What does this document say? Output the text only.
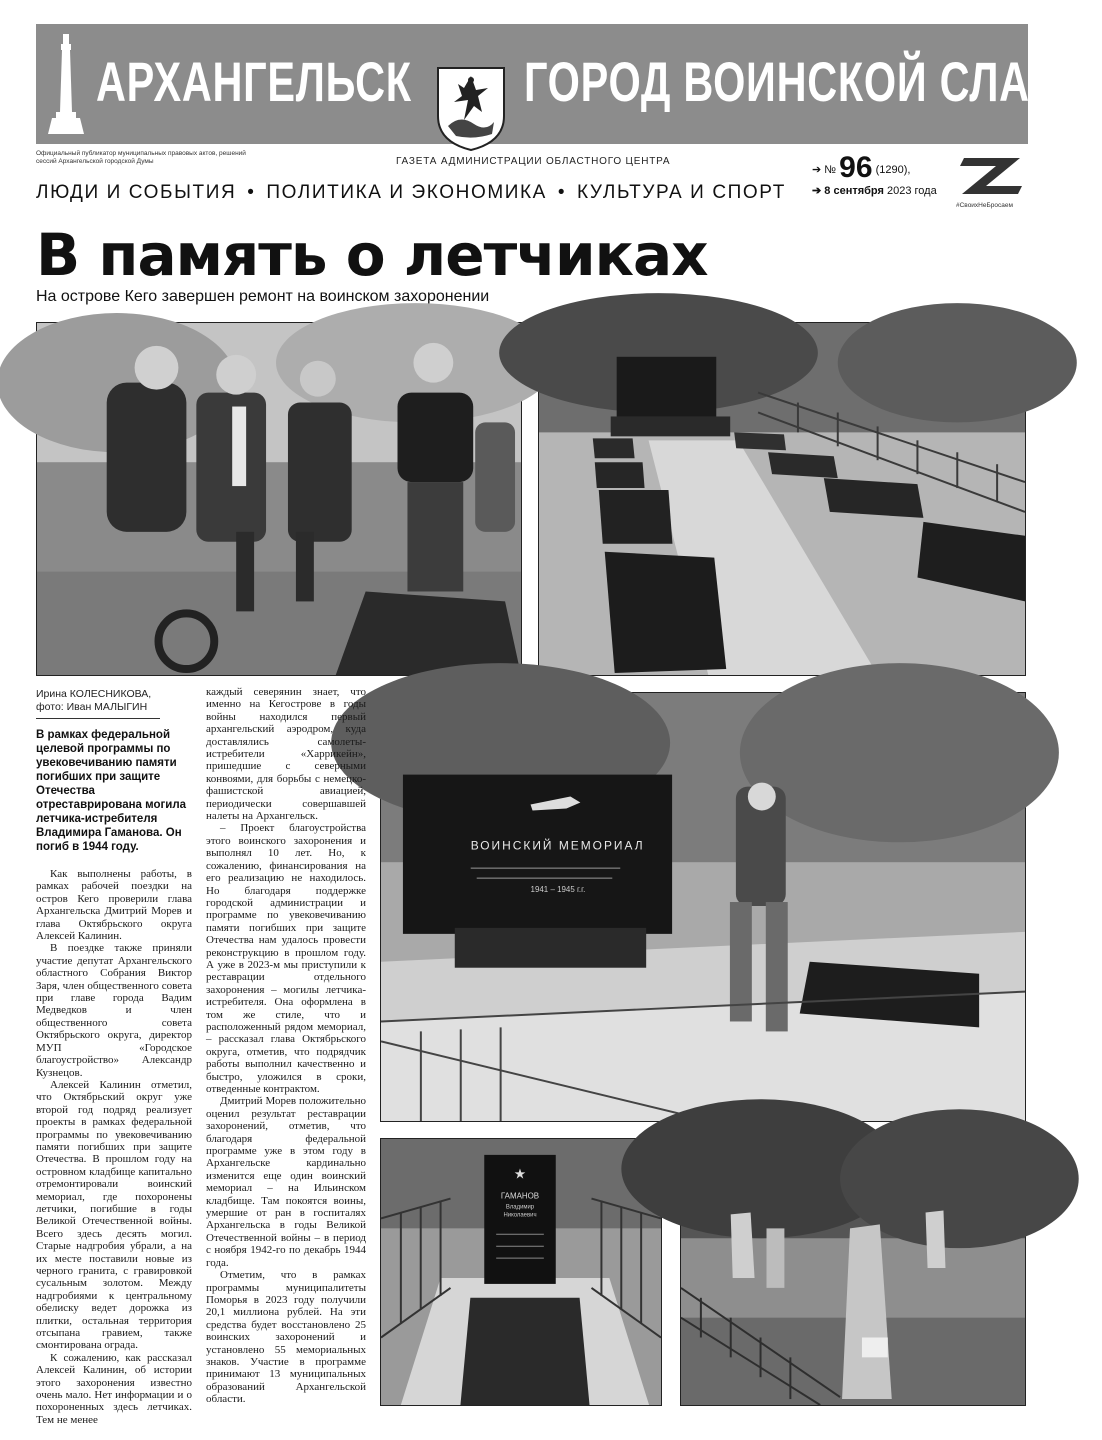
АРХАНГЕЛЬСК ГОРОД ВОИНСКОЙ СЛАВЫ
Официальный публикатор муниципальных правовых актов, решений сессий Архангельской городской Думы	ГАЗЕТА АДМИНИСТРАЦИИ ОБЛАСТНОГО ЦЕНТРА
ЛЮДИ И СОБЫТИЯ • ПОЛИТИКА И ЭКОНОМИКА • КУЛЬТУРА И СПОРТ
➔ № 96 (1290),
➔ 8 сентября 2023 года
#СвоихНеБросаем
В память о летчиках
На острове Кего завершен ремонт на воинском захоронении
ВОИНСКИЙ МЕМОРИАЛ
1941 – 1945 г.г.
★
ГАМАНОВ
Владимир
Николаевич
Ирина КОЛЕСНИКОВА,
фото: Иван МАЛЫГИН
В рамках федеральной целевой программы по увековечиванию памяти погибших при защите Отечества отреставрирована могила летчика-истребителя Владимира Гаманова. Он погиб в 1944 году.

Как выполнены работы, в рамках рабочей поездки на остров Кего проверили глава Архангельска Дмитрий Морев и глава Октябрьского округа Алексей Калинин.

В поездке также приняли участие депутат Архангельского областного Собрания Виктор Заря, член общественного совета при главе города Вадим Медведков и член общественного совета Октябрьского округа, директор МУП «Городское благоустройство» Александр Кузнецов.

Алексей Калинин отметил, что Октябрьский округ уже второй год подряд реализует проекты в рамках федеральной программы по увековечиванию памяти погибших при защите Отечества. В прошлом году на островном кладбище капитально отремонтировали воинский мемориал, где похоронены летчики, погибшие в годы Великой Отечественной войны. Всего здесь десять могил. Старые надгробия убрали, а на их месте поставили новые из черного гранита, с гравировкой сусальным золотом. Между надгробиями к центральному обелиску ведет дорожка из плитки, остальная территория отсыпана гравием, также смонтирована ограда.

К сожалению, как рассказал Алексей Калинин, об истории этого захоронения известно очень мало. Нет информации и о похороненных здесь летчиках. Тем не менее

каждый северянин знает, что именно на Кегострове в годы войны находился первый архангельский аэродром, куда доставлялись самолеты-истребители «Харрикейн», пришедшие с северными конвоями, для борьбы с немецко-фашистской авиацией, периодически совершавшей налеты на Архангельск.

– Проект благоустройства этого воинского захоронения и выполнял 10 лет. Но, к сожалению, финансирования на его реализацию не находилось. Но благодаря поддержке городской администрации и программе по увековечиванию памяти погибших при защите Отечества нам удалось провести реконструкцию в прошлом году. А уже в 2023-м мы приступили к реставрации отдельного захоронения – могилы летчика-истребителя. Она оформлена в том же стиле, что и расположенный рядом мемориал, – рассказал глава Октябрьского округа, отметив, что подрядчик работы выполнил качественно и быстро, уложился в сроки, отведенные контрактом.

Дмитрий Морев положительно оценил результат реставрации захоронений, отметив, что благодаря федеральной программе уже в этом году в Архангельске кардинально изменится еще один воинский мемориал – на Ильинском кладбище. Там покоятся воины, умершие от ран в госпиталях Архангельска в годы Великой Отечественной войны – в период с ноября 1942-го по декабрь 1944 года.

Отметим, что в рамках программы муниципалитеты Поморья в 2023 году получили 20,1 миллиона рублей. На эти средства будет восстановлено 25 воинских захоронений и установлено 55 мемориальных знаков. Участие в программе принимают 13 муниципальных образований Архангельской области.
